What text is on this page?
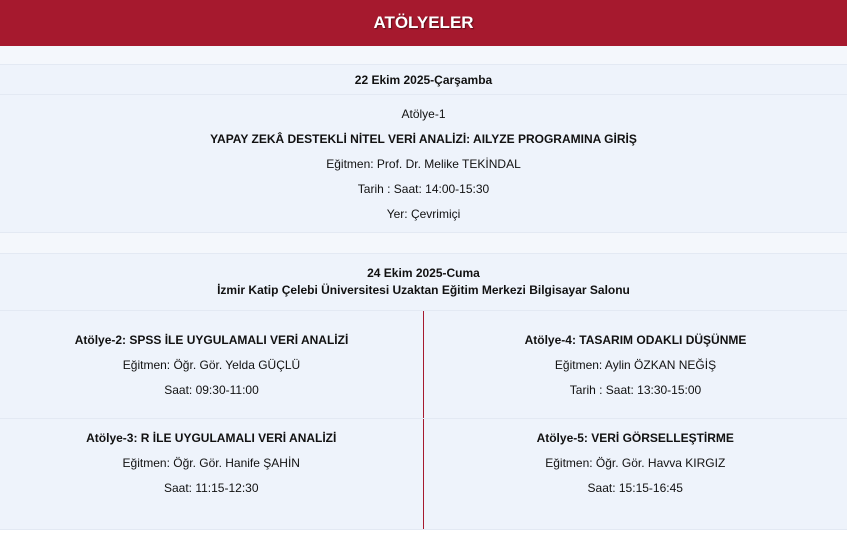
ATÖLYELER
22 Ekim 2025-Çarşamba
Atölye-1
YAPAY ZEKÂ DESTEKLİ NİTEL VERİ ANALİZİ: AILYZE PROGRAMINA GİRİŞ
Eğitmen: Prof. Dr. Melike TEKİNDAL
Tarih : Saat: 14:00-15:30
Yer: Çevrimiçi
24 Ekim 2025-Cuma
İzmir Katip Çelebi Üniversitesi Uzaktan Eğitim Merkezi Bilgisayar Salonu
Atölye-2: SPSS İLE UYGULAMALI VERİ ANALİZİ
Eğitmen: Öğr. Gör. Yelda GÜÇLÜ
Saat: 09:30-11:00
Atölye-4: TASARIM ODAKLI DÜŞÜNME
Eğitmen: Aylin ÖZKAN NEĞİŞ
Tarih : Saat: 13:30-15:00
Atölye-3: R İLE UYGULAMALI VERİ ANALİZİ
Eğitmen: Öğr. Gör. Hanife ŞAHİN
Saat: 11:15-12:30
Atölye-5: VERİ GÖRSELLEŞTİRME
Eğitmen: Öğr. Gör. Havva KIRGIZ
Saat: 15:15-16:45
